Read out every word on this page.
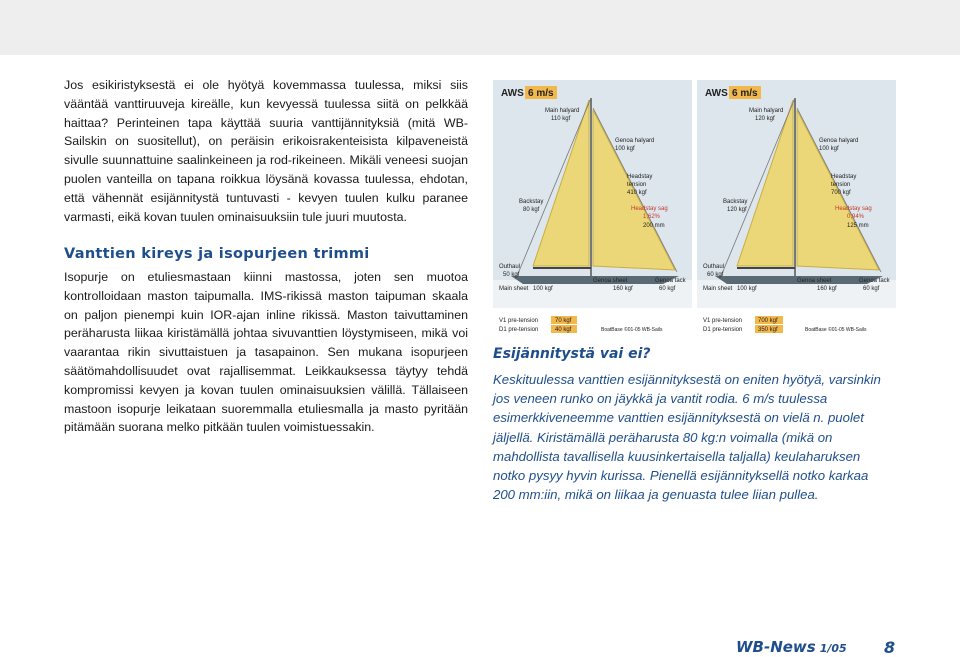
Jos esikiristyksestä ei ole hyötyä kovemmassa tuulessa, miksi siis vääntää vanttiruuveja kireälle, kun kevyessä tuulessa siitä on pelkkää haittaa? Perinteinen tapa käyttää suuria vanttijännityksiä (mitä WB-Sailskin on suositellut), on peräisin erikoisrakenteisista kilpaveneistä sivulle suunnattuine saalinkeineen ja rod-rikeineen. Mikäli veneesi suojan puolen vanteilla on tapana roikkua löysänä kovassa tuulessa, ehdotan, että vähennät esijännitystä tuntuvasti - kevyen tuulen kulku paranee varmasti, eikä kovan tuulen ominaisuuksiin tule juuri muutosta.

Vanttien kireys ja isopurjeen trimmi

Isopurje on etuliesmastaan kiinni mastossa, joten sen muotoa kontrolloidaan maston taipumalla. IMS-rikissä maston taipuman skaala on paljon pienempi kuin IOR-ajan inline rikissä. Maston taivuttaminen peräharusta liikaa kiristämällä johtaa sivuvanttien löystymiseen, mikä voi vaarantaa rikin sivuttaistuen ja tasapainon. Sen mukana isopurjeen säätömahdollisuudet ovat rajallisemmat. Leikkauksessa täytyy tehdä kompromissi kevyen ja kovan tuulen ominaisuuksien välillä. Tällaiseen mastoon isopurje leikataan suoremmalla etuliesmalla ja masto pyritään pitämään suorana melko pitkään tuulen voimistuessakin.

AWS 6 m/s
Main halyard
110 kgf
Genoa halyard
100 kgf
Headstay
tension
410 kgf
Headstay sag
1,62%
200 mm
Backstay
80 kgf
Outhaul
50 kgf
Genoa sheet
160 kgf
Genoa tack
60 kgf
Main sheet 100 kgf
V1 pre-tension	70 kgf
D1 pre-tension	40 kgf	BoatBase ©01-05 WB-Sails
AWS 6 m/s
Main halyard
120 kgf
Genoa halyard
100 kgf
Headstay
tension
700 kgf
Headstay sag
0,94%
125 mm
Backstay
120 kgf
Outhaul
60 kgf
Genoa sheet
160 kgf
Genoa tack
60 kgf
Main sheet 100 kgf
V1 pre-tension	700 kgf
D1 pre-tension	350 kgf	BoatBase ©01-05 WB-Sails
Esijännitystä vai ei?

Keskituulessa vanttien esijännityksestä on eniten hyötyä, varsinkin jos veneen runko on jäykkä ja vantit rodia. 6 m/s tuulessa esimerkkiveneemme vanttien esijännityksestä on vielä n. puolet jäljellä. Kiristämällä peräharusta 80 kg:n voimalla (mikä on mahdollista tavallisella kuusinkertaisella taljalla) keulaharuksen notko pysyy hyvin kurissa. Pienellä esijännityksellä notko karkaa 200 mm:iin, mikä on liikaa ja genuasta tulee liian pullea.

WB-News 1/05 8
